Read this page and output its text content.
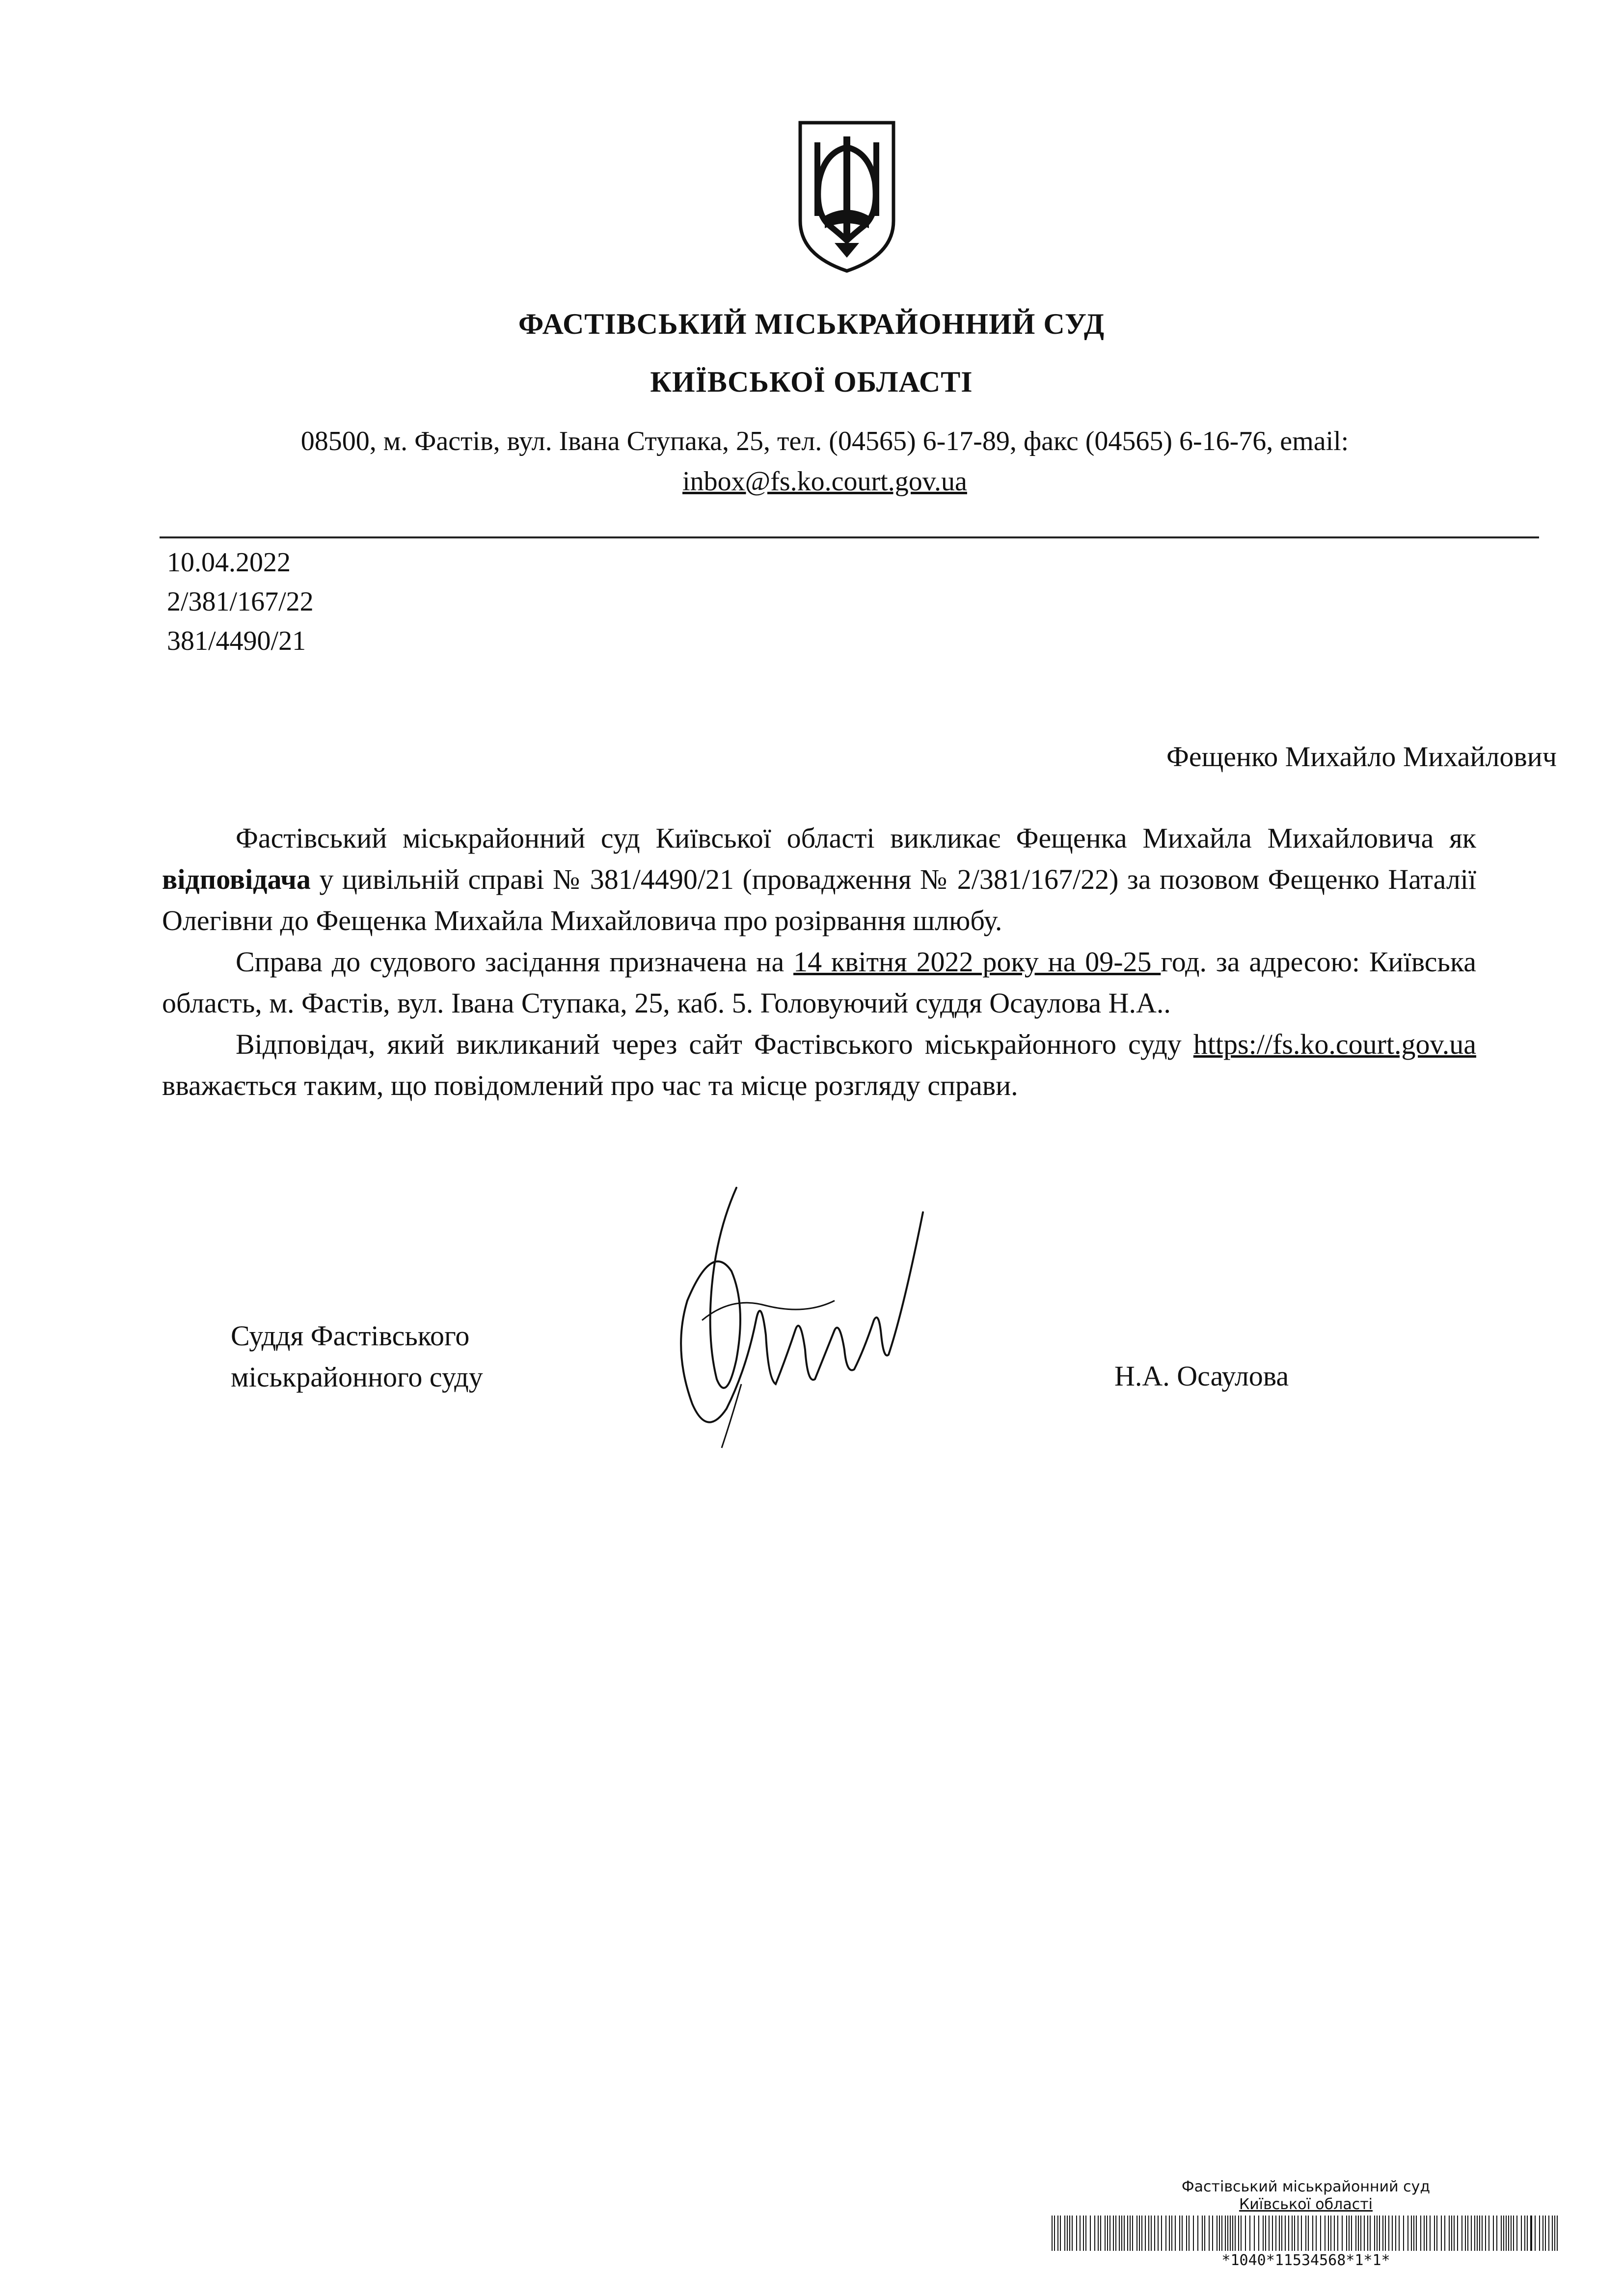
ФАСТІВСЬКИЙ МІСЬКРАЙОННИЙ СУД
КИЇВСЬКОЇ ОБЛАСТІ
08500, м. Фастів, вул. Івана Ступака, 25, тел. (04565) 6-17-89, факс (04565) 6-16-76, email:
inbox@fs.ko.court.gov.ua
10.04.2022
2/381/167/22
381/4490/21
Фещенко Михайло Михайлович

Фастівський міськрайонний суд Київської області викликає Фещенка Михайла Михайловича як відповідача у цивільній справі № 381/4490/21 (провадження № 2/381/167/22) за позовом Фещенко Наталії Олегівни до Фещенка Михайла Михайловича про розірвання шлюбу.

Справа до судового засідання призначена на 14 квітня 2022 року на 09-25 год. за адресою: Київська область, м. Фастів, вул. Івана Ступака, 25, каб. 5. Головуючий суддя Осаулова Н.А..

Відповідач, який викликаний через сайт Фастівського міськрайонного суду https://fs.ko.court.gov.ua вважається таким, що повідомлений про час та місце розгляду справи.

Суддя Фастівського
міськрайонного суду	Н.А. Осаулова
Фастівський міськрайонний суд
Київської області
*1040*11534568*1*1*
